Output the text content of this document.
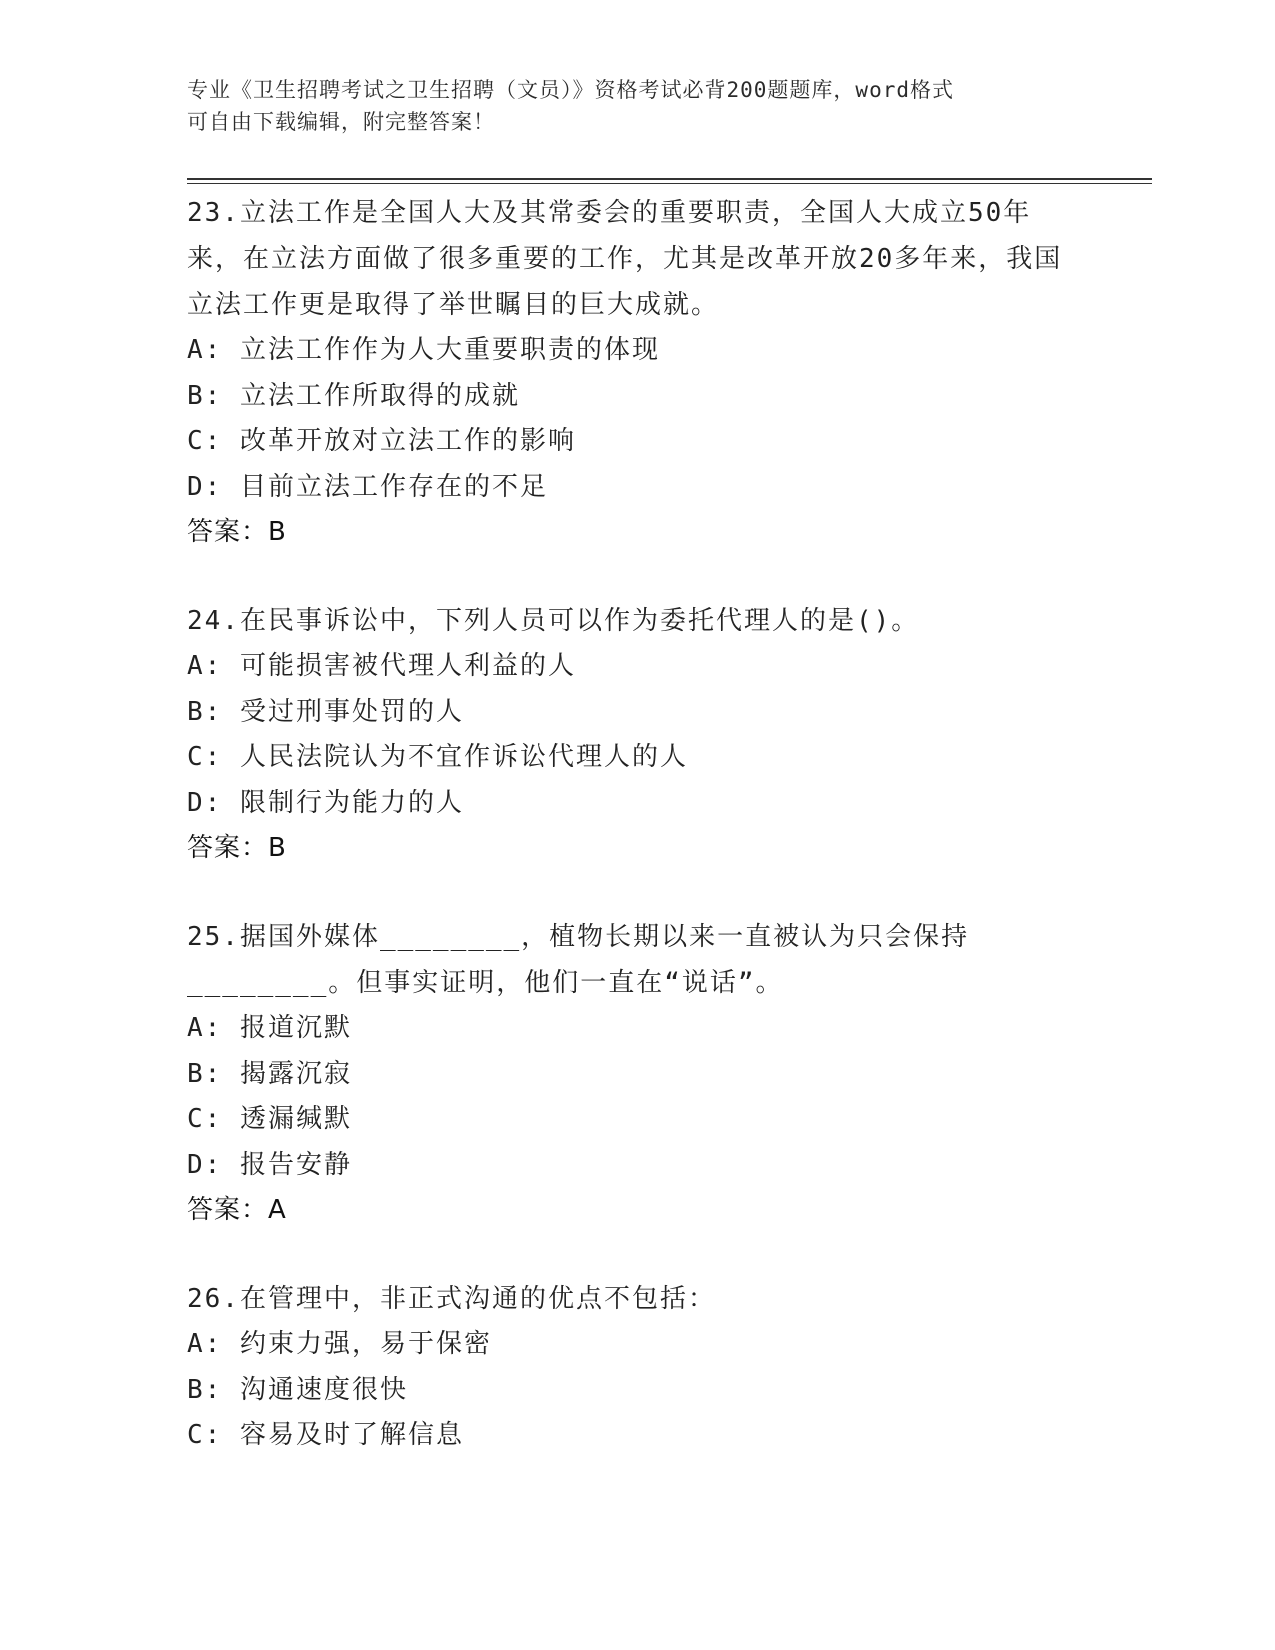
专业《卫生招聘考试之卫生招聘（文员）》资格考试必背200题题库，word格式
可自由下载编辑，附完整答案！

23.立法工作是全国人大及其常委会的重要职责，全国人大成立50年来，在立法方面做了很多重要的工作，尤其是改革开放20多年来，我国立法工作更是取得了举世瞩目的巨大成就。

A: 立法工作作为人大重要职责的体现
B: 立法工作所取得的成就
C: 改革开放对立法工作的影响
D: 目前立法工作存在的不足
答案：B

24.在民事诉讼中，下列人员可以作为委托代理人的是()。

A: 可能损害被代理人利益的人
B: 受过刑事处罚的人
C: 人民法院认为不宜作诉讼代理人的人
D: 限制行为能力的人
答案：B

25.据国外媒体________，植物长期以来一直被认为只会保持________。但事实证明，他们一直在“说话”。

A: 报道沉默
B: 揭露沉寂
C: 透漏缄默
D: 报告安静
答案：A

26.在管理中，非正式沟通的优点不包括：

A: 约束力强，易于保密
B: 沟通速度很快
C: 容易及时了解信息
